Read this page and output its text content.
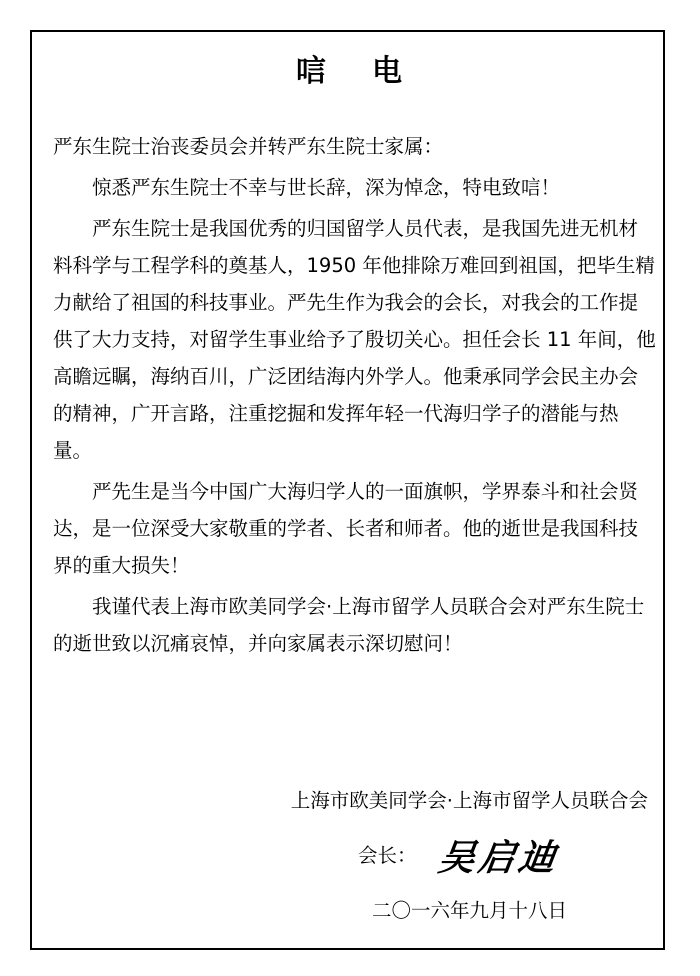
唁 电

严东生院士治丧委员会并转严东生院士家属：

惊悉严东生院士不幸与世长辞，深为悼念，特电致唁！

严东生院士是我国优秀的归国留学人员代表，是我国先进无机材料科学与工程学科的奠基人，1950 年他排除万难回到祖国，把毕生精力献给了祖国的科技事业。严先生作为我会的会长，对我会的工作提供了大力支持，对留学生事业给予了殷切关心。担任会长 11 年间，他高瞻远瞩，海纳百川，广泛团结海内外学人。他秉承同学会民主办会的精神，广开言路，注重挖掘和发挥年轻一代海归学子的潜能与热量。

严先生是当今中国广大海归学人的一面旗帜，学界泰斗和社会贤达，是一位深受大家敬重的学者、长者和师者。他的逝世是我国科技界的重大损失！

我谨代表上海市欧美同学会·上海市留学人员联合会对严东生院士的逝世致以沉痛哀悼，并向家属表示深切慰问！

上海市欧美同学会·上海市留学人员联合会
会长： 吴启迪
二〇一六年九月十八日
